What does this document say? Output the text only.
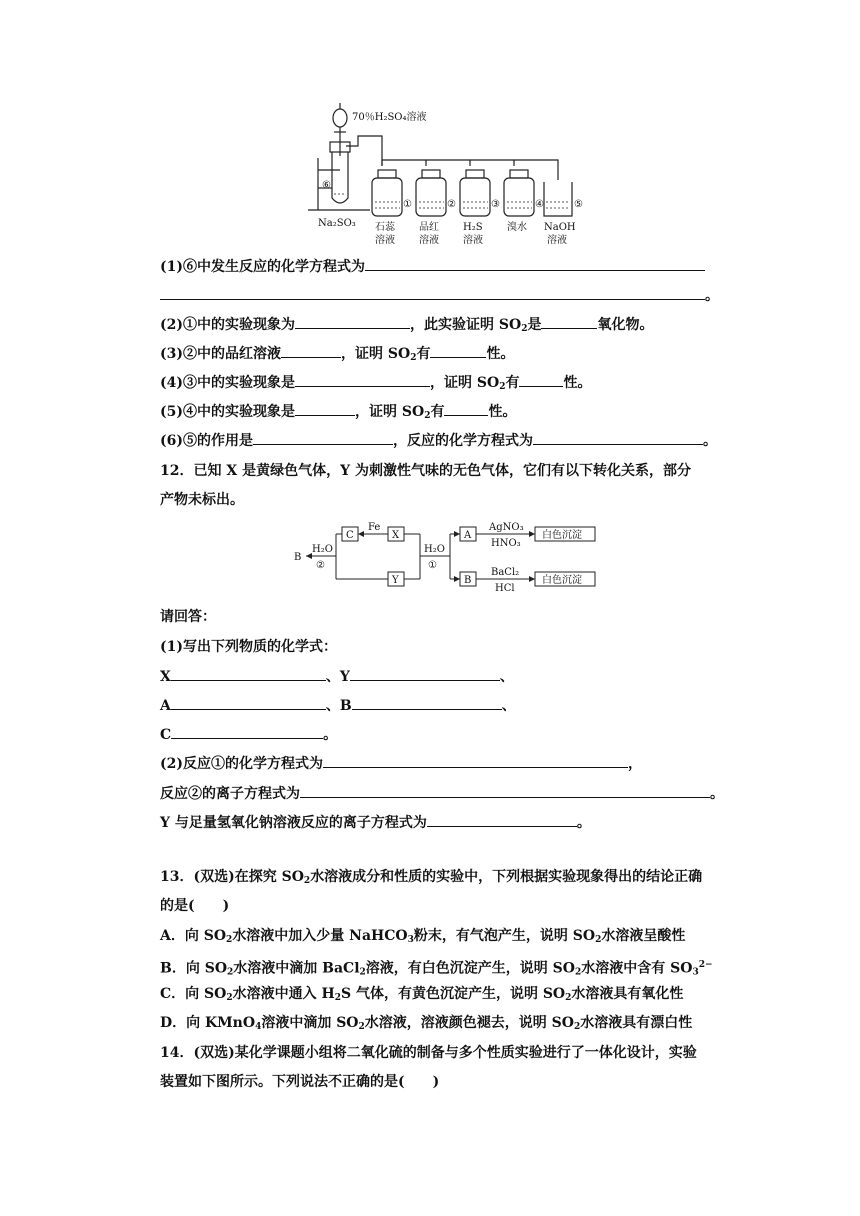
70％H₂SO₄溶液
⑥
Na₂SO₃
①	②	③	④	⑤
石蕊
溶液
品红
溶液
H₂S
溶液
溴水 NaOH
溶液
(1)⑥中发生反应的化学方程式为
。
(2)①中的实验现象为	，此实验证明 $SO_2$是	氧化物。
(3)②中的品红溶液	，证明 $SO_2$有	性。
(4)③中的实验现象是	，证明 $SO_2$有	性。
(5)④中的实验现象是	，证明 $SO_2$有	性。
(6)⑤的作用是	，反应的化学方程式为	。
12．已知 X 是黄绿色气体，Y 为刺激性气味的无色气体，它们有以下转化关系，部分
产物未标出。
C	X
Y
A
B
B
Fe
H₂O
②
H₂O
①
AgNO₃
HNO₃
BaCl₂
HCl
白色沉淀
白色沉淀
请回答：
(1)写出下列物质的化学式：
X	、Y	、
A	、B	、
C	。
(2)反应①的化学方程式为	，
反应②的离子方程式为	。
Y 与足量氢氧化钠溶液反应的离子方程式为	。
13．(双选)在探究 $SO_2$水溶液成分和性质的实验中，下列根据实验现象得出的结论正确
的是(　　)
A．向 $SO_2$水溶液中加入少量 NaHCO$_3$粉末，有气泡产生，说明 $SO_2$水溶液呈酸性
B．向 $SO_2$水溶液中滴加 BaCl$_2$溶液，有白色沉淀产生，说明 $SO_2$水溶液中含有 $SO_3^{2-}$
C．向 $SO_2$水溶液中通入 $H_2S$ 气体，有黄色沉淀产生，说明 $SO_2$水溶液具有氧化性
D．向 KMnO$_4$溶液中滴加 $SO_2$水溶液，溶液颜色褪去，说明 $SO_2$水溶液具有漂白性
14．(双选)某化学课题小组将二氧化硫的制备与多个性质实验进行了一体化设计，实验
装置如下图所示。下列说法不正确的是(　　)
